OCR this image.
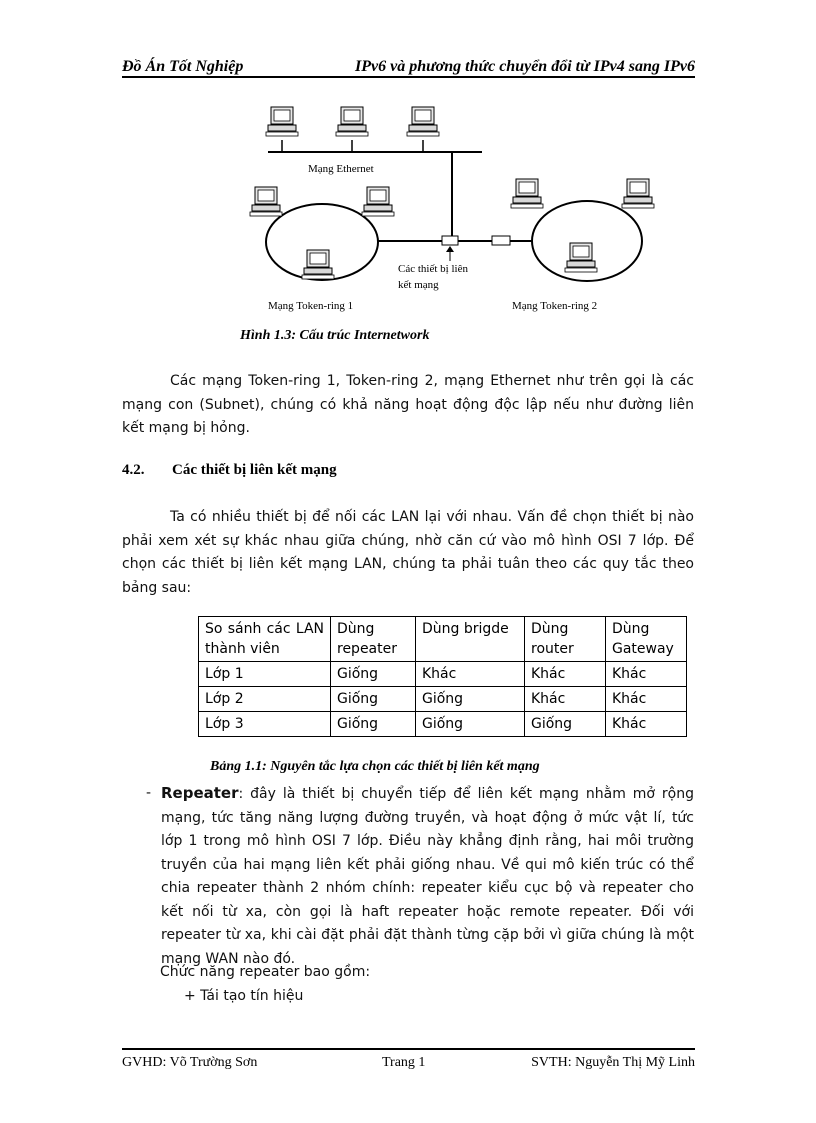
Đồ Án Tốt Nghiệp	IPv6 và phương thức chuyển đổi từ IPv4 sang IPv6
Mạng Ethernet
Các thiết bị liên
kết mạng
Mạng Token-ring 1	Mạng Token-ring 2
Hình 1.3: Cấu trúc Internetwork

Các mạng Token-ring 1, Token-ring 2, mạng Ethernet như trên gọi là các mạng con (Subnet), chúng có khả năng hoạt động độc lập nếu như đường liên kết mạng bị hỏng.

4.2. Các thiết bị liên kết mạng

Ta có nhiều thiết bị để nối các LAN lại với nhau. Vấn đề chọn thiết bị nào phải xem xét sự khác nhau giữa chúng, nhờ căn cứ vào mô hình OSI 7 lớp. Để chọn các thiết bị liên kết mạng LAN, chúng ta phải tuân theo các quy tắc theo bảng sau:

So sánh các LAN thành viên	Dùng repeater	Dùng brigde	Dùng router	Dùng Gateway
Lớp 1	Giống	Khác	Khác	Khác
Lớp 2	Giống	Giống	Khác	Khác
Lớp 3	Giống	Giống	Giống	Khác
Bảng 1.1: Nguyên tắc lựa chọn các thiết bị liên kết mạng
- Repeater: đây là thiết bị chuyển tiếp để liên kết mạng nhằm mở rộng mạng, tức tăng năng lượng đường truyền, và hoạt động ở mức vật lí, tức lớp 1 trong mô hình OSI 7 lớp. Điều này khẳng định rằng, hai môi trường truyền của hai mạng liên kết phải giống nhau. Về qui mô kiến trúc có thể chia repeater thành 2 nhóm chính: repeater kiểu cục bộ và repeater cho kết nối từ xa, còn gọi là haft repeater hoặc remote repeater. Đối với repeater từ xa, khi cài đặt phải đặt thành từng cặp bởi vì giữa chúng là một mạng WAN nào đó.
Chức năng repeater bao gồm:
+ Tái tạo tín hiệu
GVHD: Võ Trường Sơn	Trang 1	SVTH: Nguyễn Thị Mỹ Linh
